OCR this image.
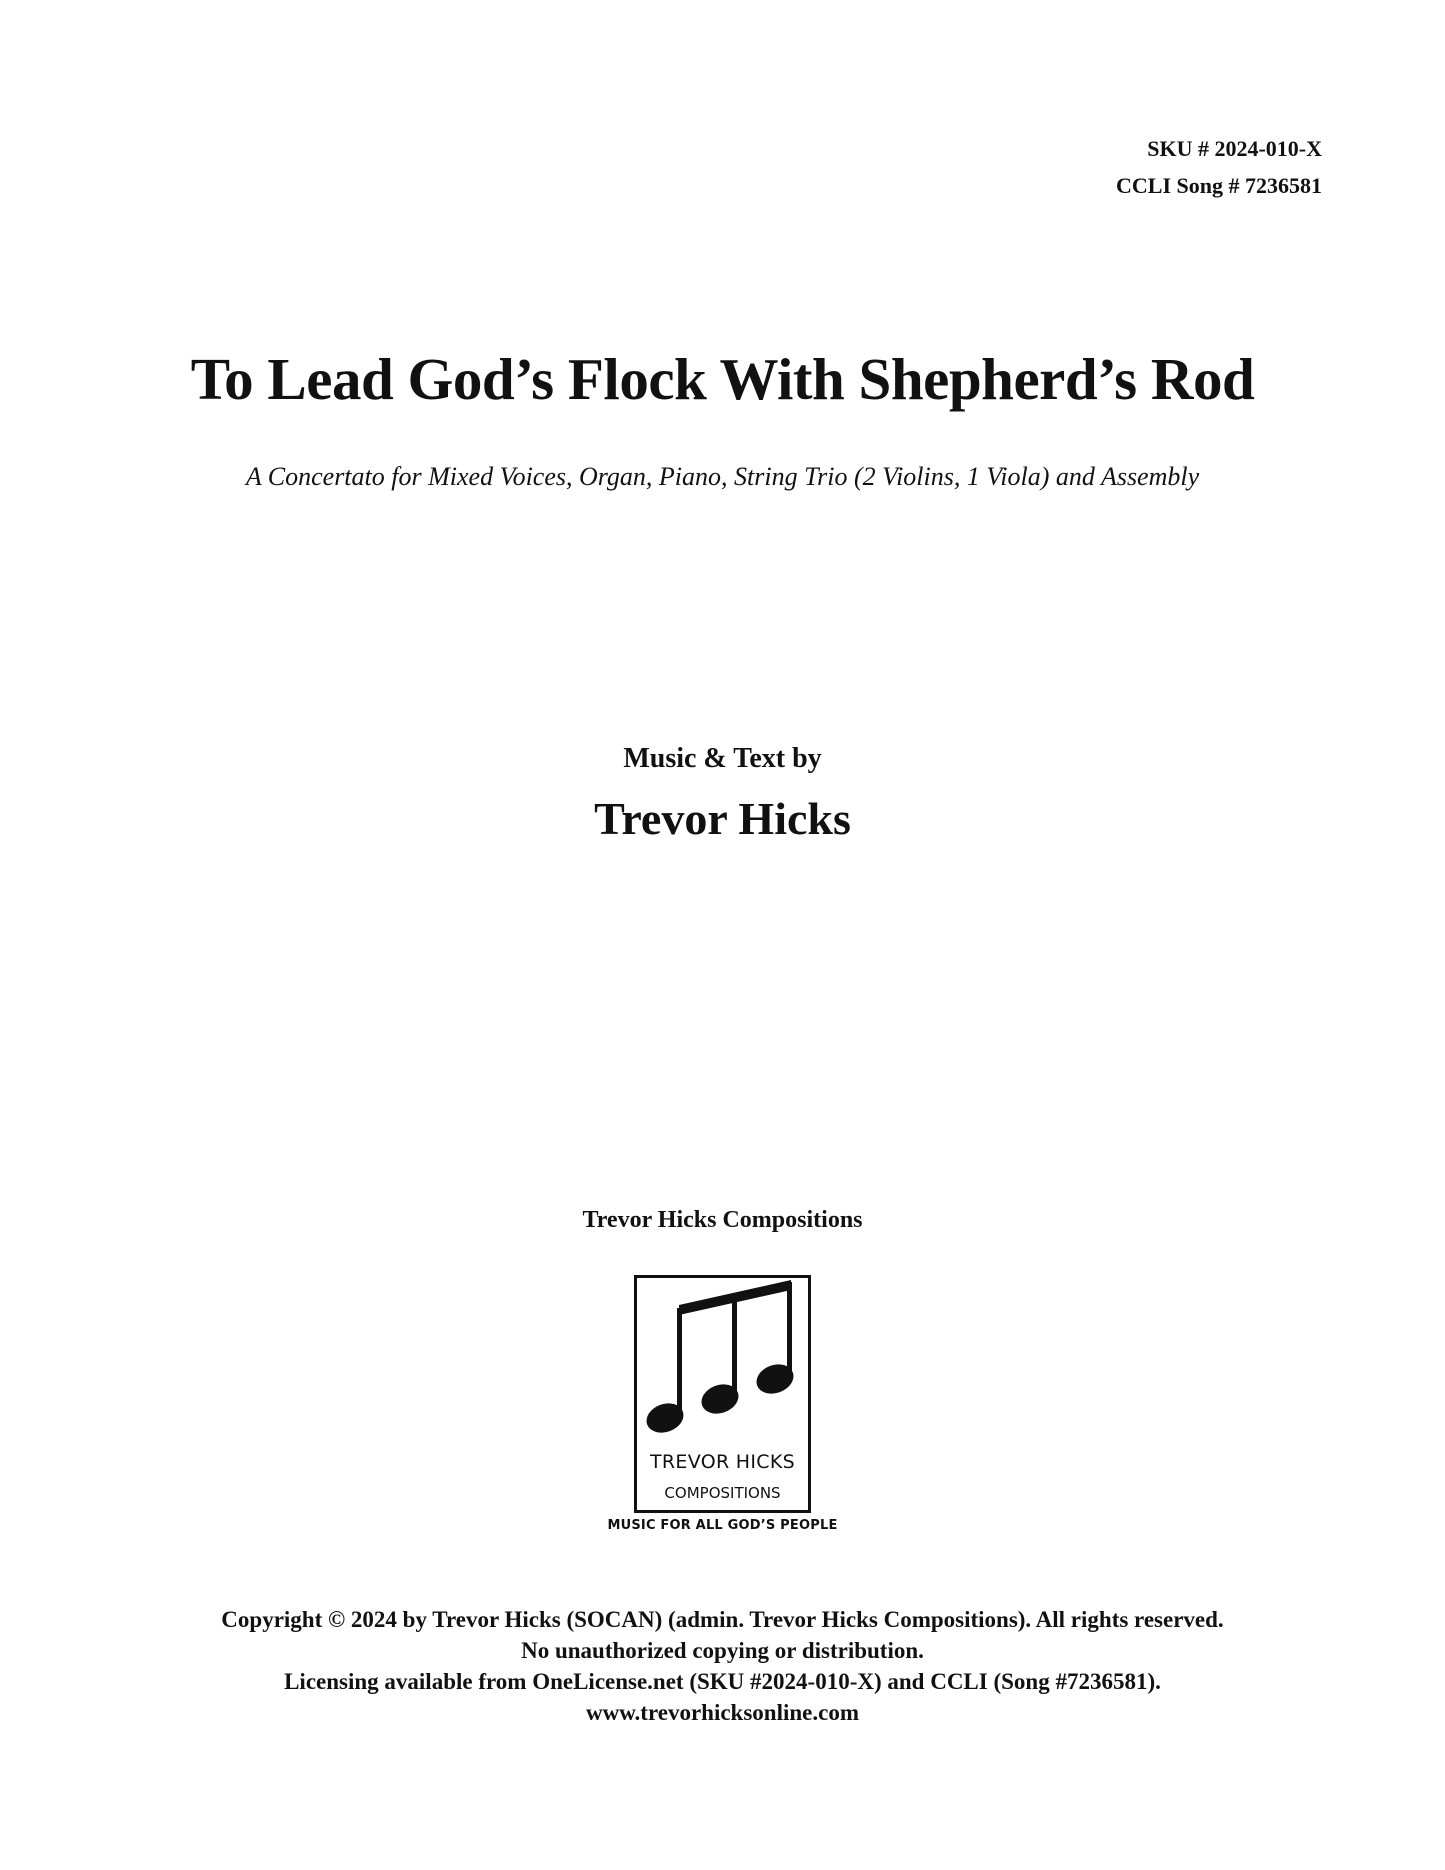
SKU # 2024-010-X
CCLI Song # 7236581
To Lead God’s Flock With Shepherd’s Rod
A Concertato for Mixed Voices, Organ, Piano, String Trio (2 Violins, 1 Viola) and Assembly
Music & Text by
Trevor Hicks
Trevor Hicks Compositions
TREVOR HICKS
COMPOSITIONS
MUSIC FOR ALL GOD’S PEOPLE
Copyright © 2024 by Trevor Hicks (SOCAN) (admin. Trevor Hicks Compositions). All rights reserved.
No unauthorized copying or distribution.
Licensing available from OneLicense.net (SKU #2024-010-X) and CCLI (Song #7236581).
www.trevorhicksonline.com
